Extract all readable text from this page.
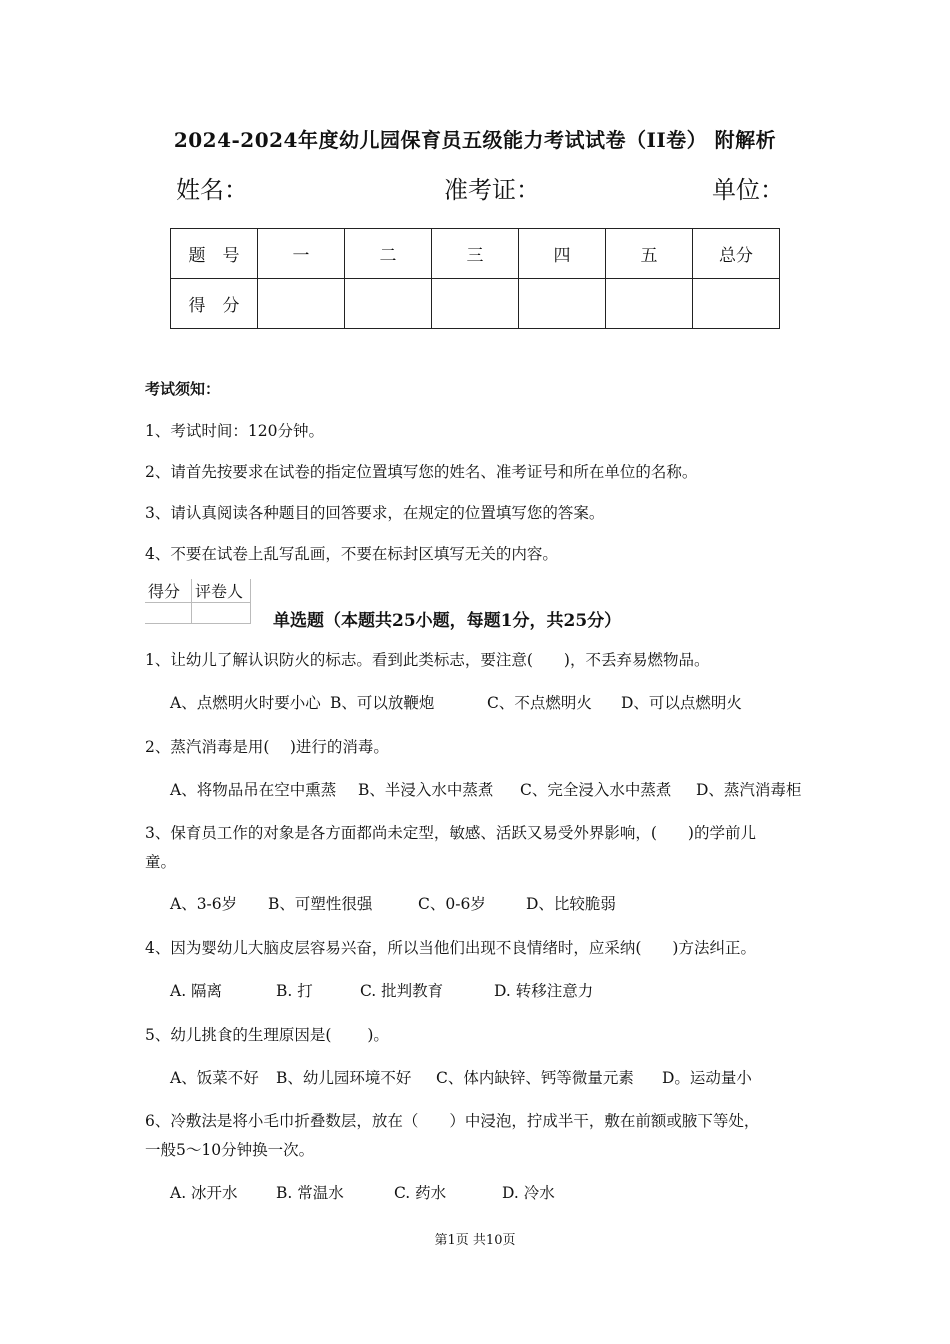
2024-2024年度幼儿园保育员五级能力考试试卷（II卷） 附解析
姓名：	准考证：	单位：
题　号	一	二	三	四	五	总分
得　分						
考试须知：
1、考试时间：120分钟。
2、请首先按要求在试卷的指定位置填写您的姓名、准考证号和所在单位的名称。
3、请认真阅读各种题目的回答要求，在规定的位置填写您的答案。
4、不要在试卷上乱写乱画，不要在标封区填写无关的内容。
得分	评卷人

单选题（本题共25小题，每题1分，共25分）
1、让幼儿了解认识防火的标志。看到此类标志，要注意(　　)，不丢弃易燃物品。
A、点燃明火时要小心 B、可以放鞭炮	C、不点燃明火 D、可以点燃明火
2、蒸汽消毒是用(　 )进行的消毒。
A、将物品吊在空中熏蒸 B、半浸入水中蒸煮 C、完全浸入水中蒸煮 D、蒸汽消毒柜
3、保育员工作的对象是各方面都尚未定型，敏感、活跃又易受外界影响，(　　)的学前儿
童。
A、3-6岁 B、可塑性很强	C、0-6岁	D、比较脆弱
4、因为婴幼儿大脑皮层容易兴奋，所以当他们出现不良情绪时，应采纳(　　)方法纠正。
A. 隔离	B. 打	C. 批判教育	D. 转移注意力
5、幼儿挑食的生理原因是(　　 )。
A、饭菜不好 B、幼儿园环境不好 C、体内缺锌、钙等微量元素 D。运动量小
6、冷敷法是将小毛巾折叠数层，放在（　　）中浸泡，拧成半干，敷在前额或腋下等处，
一般5～10分钟换一次。
A. 冰开水 B. 常温水	C. 药水	D. 冷水
第1页 共10页
